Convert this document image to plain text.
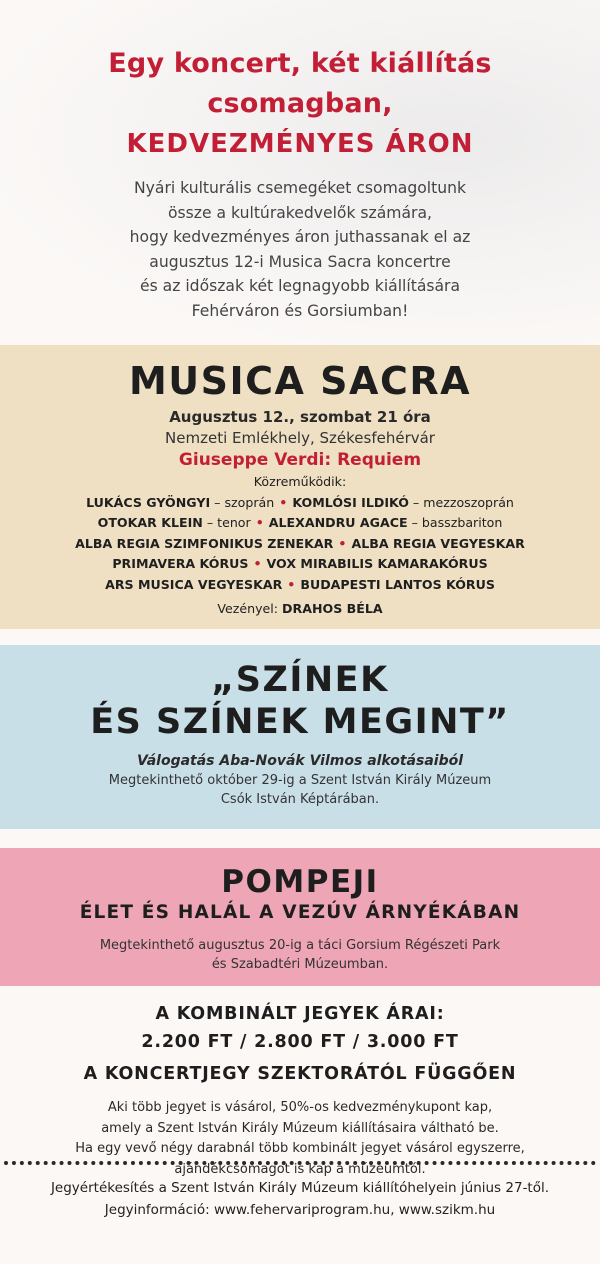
Egy koncert, két kiállítás
csomagban,
KEDVEZMÉNYES ÁRON
Nyári kulturális csemegéket csomagoltunk
össze a kultúrakedvelők számára,
hogy kedvezményes áron juthassanak el az
augusztus 12-i Musica Sacra koncertre
és az időszak két legnagyobb kiállítására
Fehérváron és Gorsiumban!
MUSICA SACRA
Augusztus 12., szombat 21 óra
Nemzeti Emlékhely, Székesfehérvár
Giuseppe Verdi: Requiem
Közreműködik:
LUKÁCS GYÖNGYI – szoprán • KOMLÓSI ILDIKÓ – mezzoszoprán
OTOKAR KLEIN – tenor • ALEXANDRU AGACE – basszbariton
ALBA REGIA SZIMFONIKUS ZENEKAR • ALBA REGIA VEGYESKAR
PRIMAVERA KÓRUS • VOX MIRABILIS KAMARAKÓRUS
ARS MUSICA VEGYESKAR • BUDAPESTI LANTOS KÓRUS
Vezényel: DRAHOS BÉLA
„SZÍNEK
ÉS SZÍNEK MEGINT”
Válogatás Aba-Novák Vilmos alkotásaiból
Megtekinthető október 29-ig a Szent István Király Múzeum
Csók István Képtárában.
POMPEJI
ÉLET ÉS HALÁL A VEZÚV ÁRNYÉKÁBAN
Megtekinthető augusztus 20-ig a táci Gorsium Régészeti Park
és Szabadtéri Múzeumban.
A KOMBINÁLT JEGYEK ÁRAI:
2.200 FT / 2.800 FT / 3.000 FT
A KONCERTJEGY SZEKTORÁTÓL FÜGGŐEN
Aki több jegyet is vásárol, 50%-os kedvezménykupont kap,
amely a Szent István Király Múzeum kiállításaira váltható be.
Ha egy vevő négy darabnál több kombinált jegyet vásárol egyszerre,
ajándékcsomagot is kap a múzeumtól.
Jegyértékesítés a Szent István Király Múzeum kiállítóhelyein június 27-től.
Jegyinformáció: www.fehervariprogram.hu, www.szikm.hu
